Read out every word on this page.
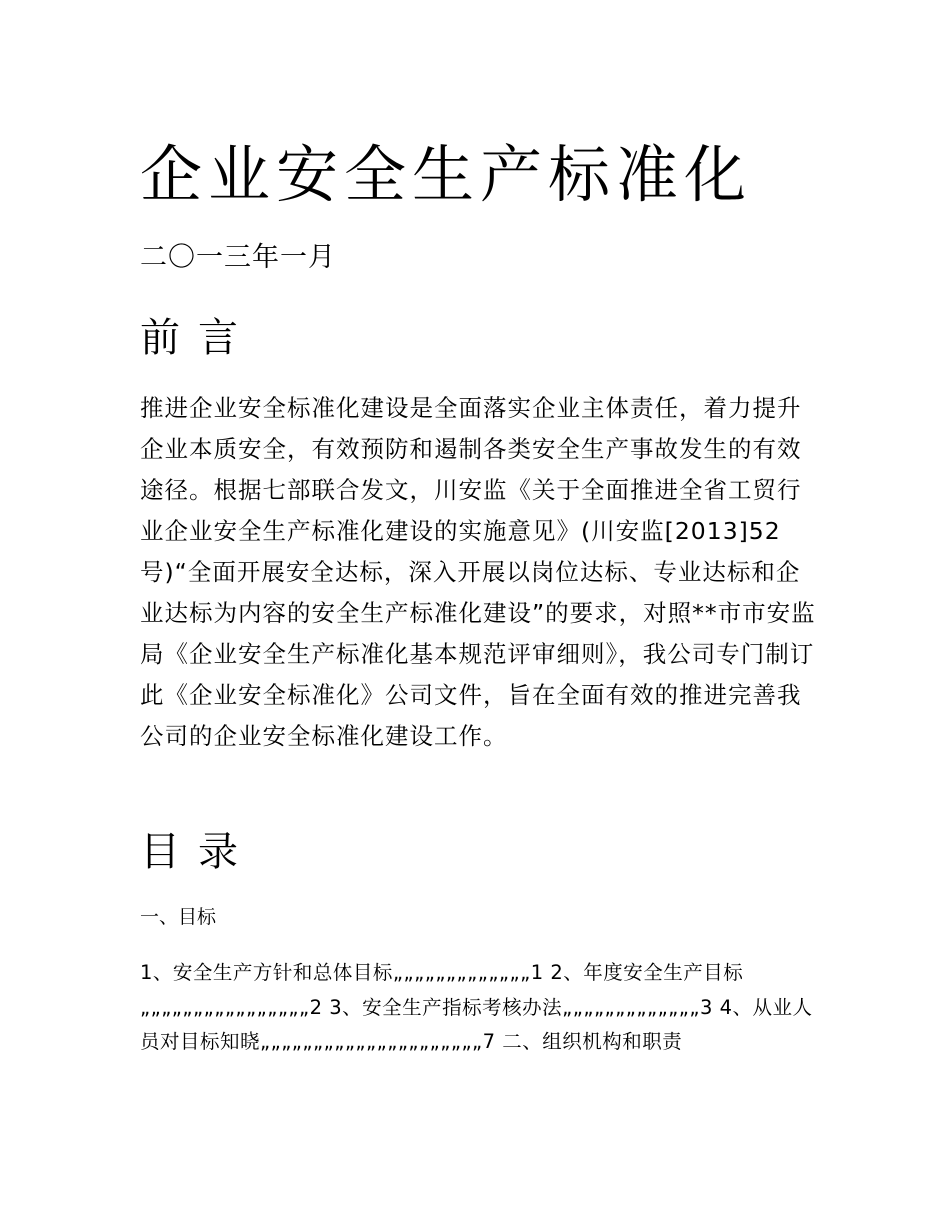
企业安全生产标准化
二〇一三年一月
前言
推进企业安全标准化建设是全面落实企业主体责任，着力提升企业本质安全，有效预防和遏制各类安全生产事故发生的有效途径。根据七部联合发文，川安监《关于全面推进全省工贸行业企业安全生产标准化建设的实施意见》(川安监[2013]52号)“全面开展安全达标，深入开展以岗位达标、专业达标和企业达标为内容的安全生产标准化建设”的要求，对照**市市安监局《企业安全生产标准化基本规范评审细则》，我公司专门制订此《企业安全标准化》公司文件，旨在全面有效的推进完善我公司的企业安全标准化建设工作。
目录
一、目标
1、安全生产方针和总体目标„„„„„„„„„„„„„1 2、年度安全生产目标„„„„„„„„„„„„„„„„2 3、安全生产指标考核办法„„„„„„„„„„„„„3 4、从业人员对目标知晓„„„„„„„„„„„„„„„„„„„„„7 二、组织机构和职责
